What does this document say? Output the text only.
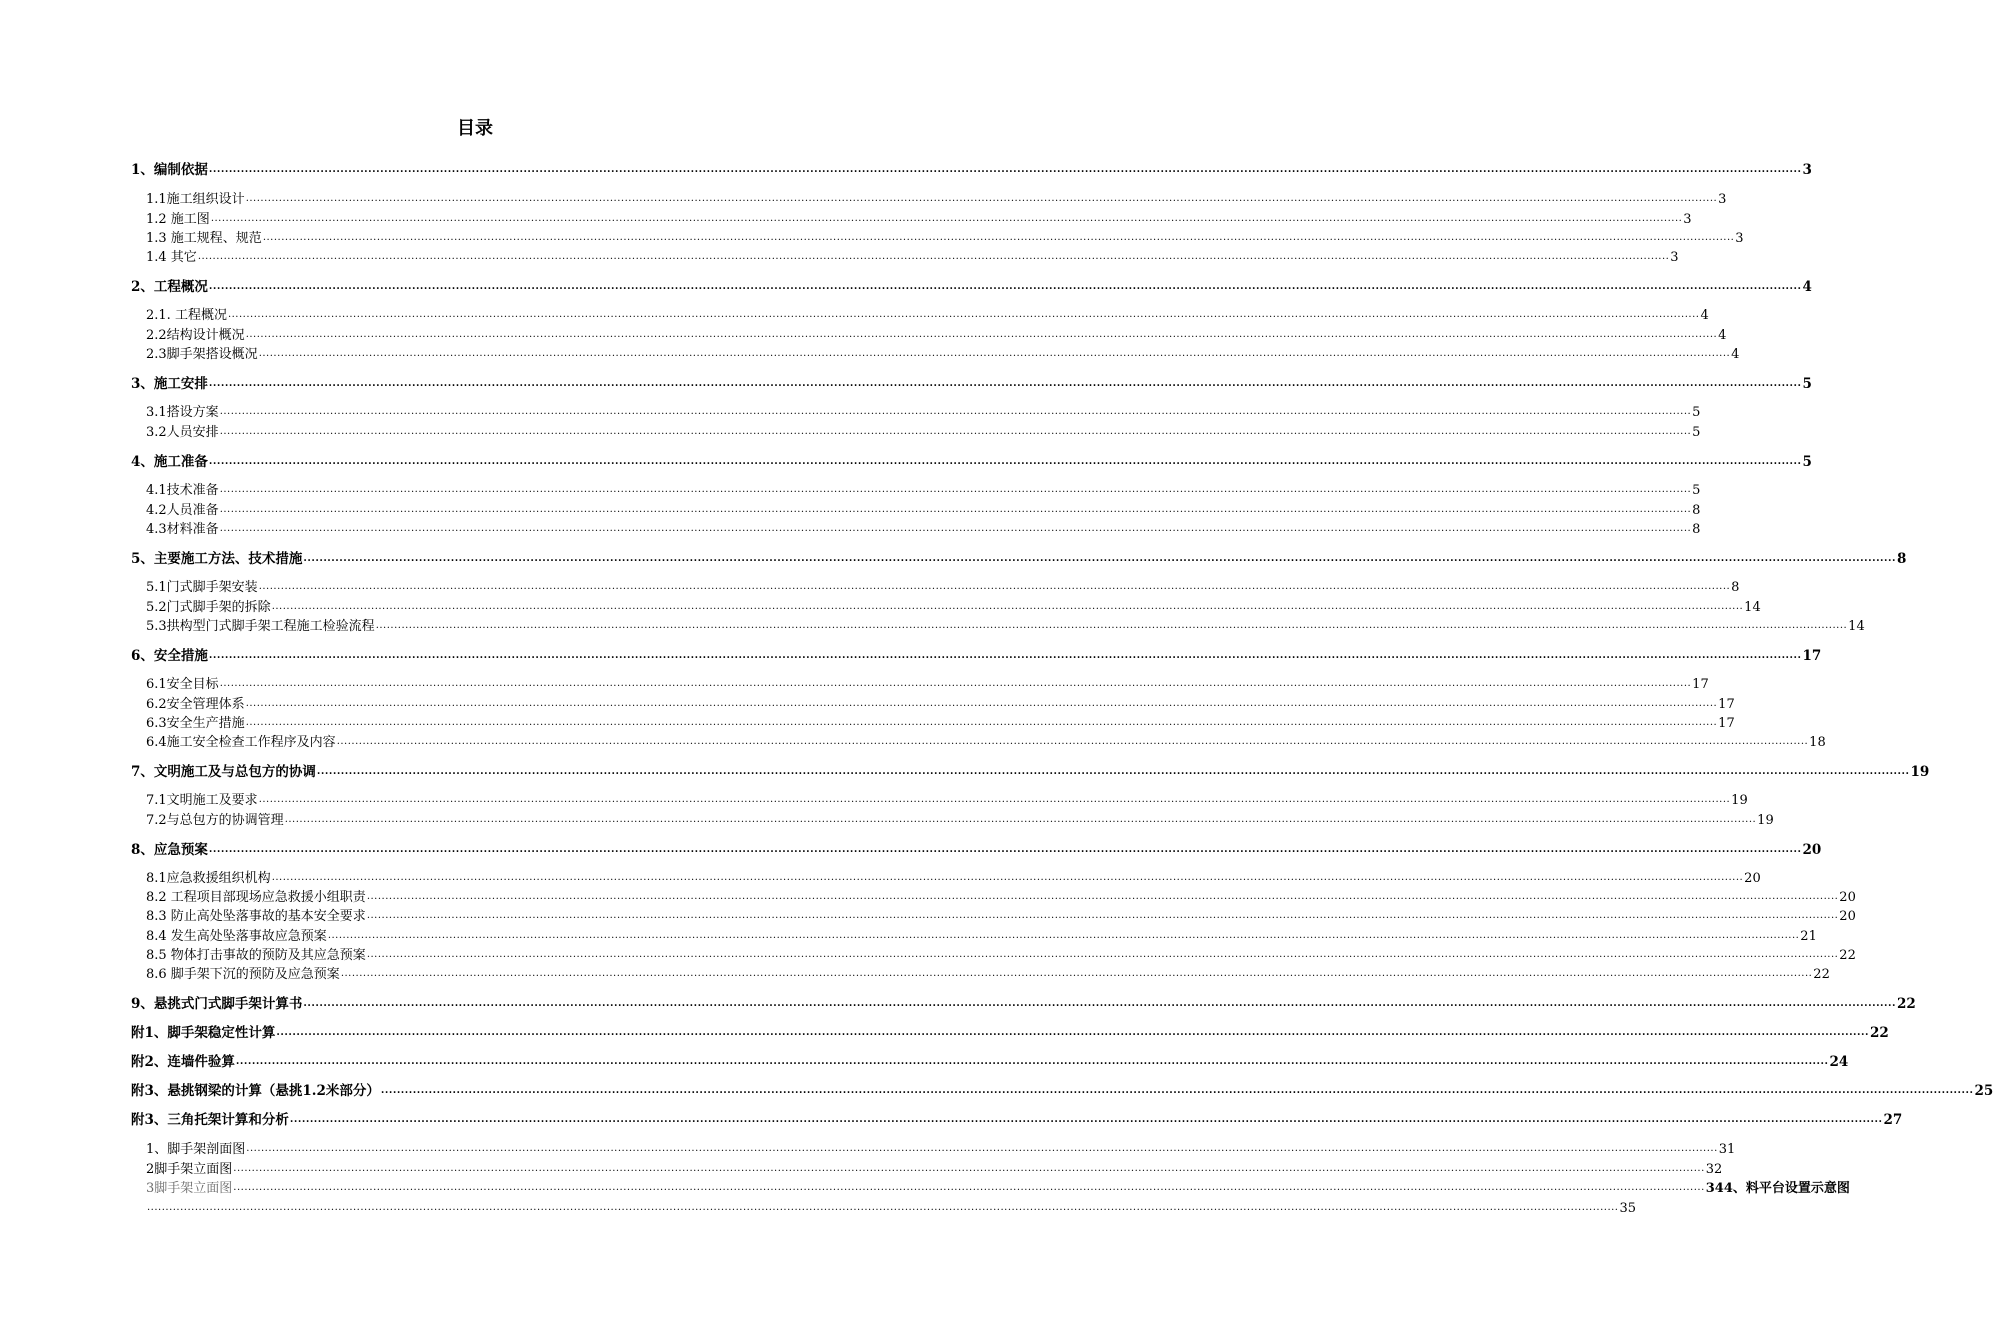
目录
1、编制依据 ................................................................................................................................................................................................................................................................................................................................................................................................................ 3
1.1施工组织设计 ................................................................................................................................................................................................................................................................................................................................................................................................................ 3
1.2 施工图 ................................................................................................................................................................................................................................................................................................................................................................................................................ 3
1.3 施工规程、规范 ................................................................................................................................................................................................................................................................................................................................................................................................................ 3
1.4 其它 ................................................................................................................................................................................................................................................................................................................................................................................................................ 3
2、工程概况 ................................................................................................................................................................................................................................................................................................................................................................................................................ 4
2.1. 工程概况 ................................................................................................................................................................................................................................................................................................................................................................................................................ 4
2.2结构设计概况 ................................................................................................................................................................................................................................................................................................................................................................................................................ 4
2.3脚手架搭设概况 ................................................................................................................................................................................................................................................................................................................................................................................................................ 4
3、施工安排 ................................................................................................................................................................................................................................................................................................................................................................................................................ 5
3.1搭设方案 ................................................................................................................................................................................................................................................................................................................................................................................................................ 5
3.2人员安排 ................................................................................................................................................................................................................................................................................................................................................................................................................ 5
4、施工准备 ................................................................................................................................................................................................................................................................................................................................................................................................................ 5
4.1技术准备 ................................................................................................................................................................................................................................................................................................................................................................................................................ 5
4.2人员准备 ................................................................................................................................................................................................................................................................................................................................................................................................................ 8
4.3材料准备 ................................................................................................................................................................................................................................................................................................................................................................................................................ 8
5、主要施工方法、技术措施 ................................................................................................................................................................................................................................................................................................................................................................................................................ 8
5.1门式脚手架安装 ................................................................................................................................................................................................................................................................................................................................................................................................................ 8
5.2门式脚手架的拆除 ................................................................................................................................................................................................................................................................................................................................................................................................................ 14
5.3拱构型门式脚手架工程施工检验流程 ................................................................................................................................................................................................................................................................................................................................................................................................................ 14
6、安全措施 ................................................................................................................................................................................................................................................................................................................................................................................................................ 17
6.1安全目标 ................................................................................................................................................................................................................................................................................................................................................................................................................ 17
6.2安全管理体系 ................................................................................................................................................................................................................................................................................................................................................................................................................ 17
6.3安全生产措施 ................................................................................................................................................................................................................................................................................................................................................................................................................ 17
6.4施工安全检查工作程序及内容 ................................................................................................................................................................................................................................................................................................................................................................................................................ 18
7、文明施工及与总包方的协调 ................................................................................................................................................................................................................................................................................................................................................................................................................ 19
7.1文明施工及要求 ................................................................................................................................................................................................................................................................................................................................................................................................................ 19
7.2与总包方的协调管理 ................................................................................................................................................................................................................................................................................................................................................................................................................ 19
8、应急预案 ................................................................................................................................................................................................................................................................................................................................................................................................................ 20
8.1应急救援组织机构 ................................................................................................................................................................................................................................................................................................................................................................................................................ 20
8.2 工程项目部现场应急救援小组职责 ................................................................................................................................................................................................................................................................................................................................................................................................................ 20
8.3 防止高处坠落事故的基本安全要求 ................................................................................................................................................................................................................................................................................................................................................................................................................ 20
8.4 发生高处坠落事故应急预案 ................................................................................................................................................................................................................................................................................................................................................................................................................ 21
8.5 物体打击事故的预防及其应急预案 ................................................................................................................................................................................................................................................................................................................................................................................................................ 22
8.6 脚手架下沉的预防及应急预案 ................................................................................................................................................................................................................................................................................................................................................................................................................ 22
9、悬挑式门式脚手架计算书 ................................................................................................................................................................................................................................................................................................................................................................................................................ 22
附1、脚手架稳定性计算 ................................................................................................................................................................................................................................................................................................................................................................................................................ 22
附2、连墙件验算 ................................................................................................................................................................................................................................................................................................................................................................................................................ 24
附3、悬挑钢梁的计算（悬挑1.2米部分） ................................................................................................................................................................................................................................................................................................................................................................................................................ 25
附3、三角托架计算和分析 ................................................................................................................................................................................................................................................................................................................................................................................................................ 27
1、脚手架剖面图 ................................................................................................................................................................................................................................................................................................................................................................................................................ 31
2脚手架立面图 ................................................................................................................................................................................................................................................................................................................................................................................................................ 32
3脚手架立面图 ................................................................................................................................................................................................................................................................................................................................................................................................................ 344、料平台设置示意图
................................................................................................................................................................................................................................................................................................................................................................................................................ 35
